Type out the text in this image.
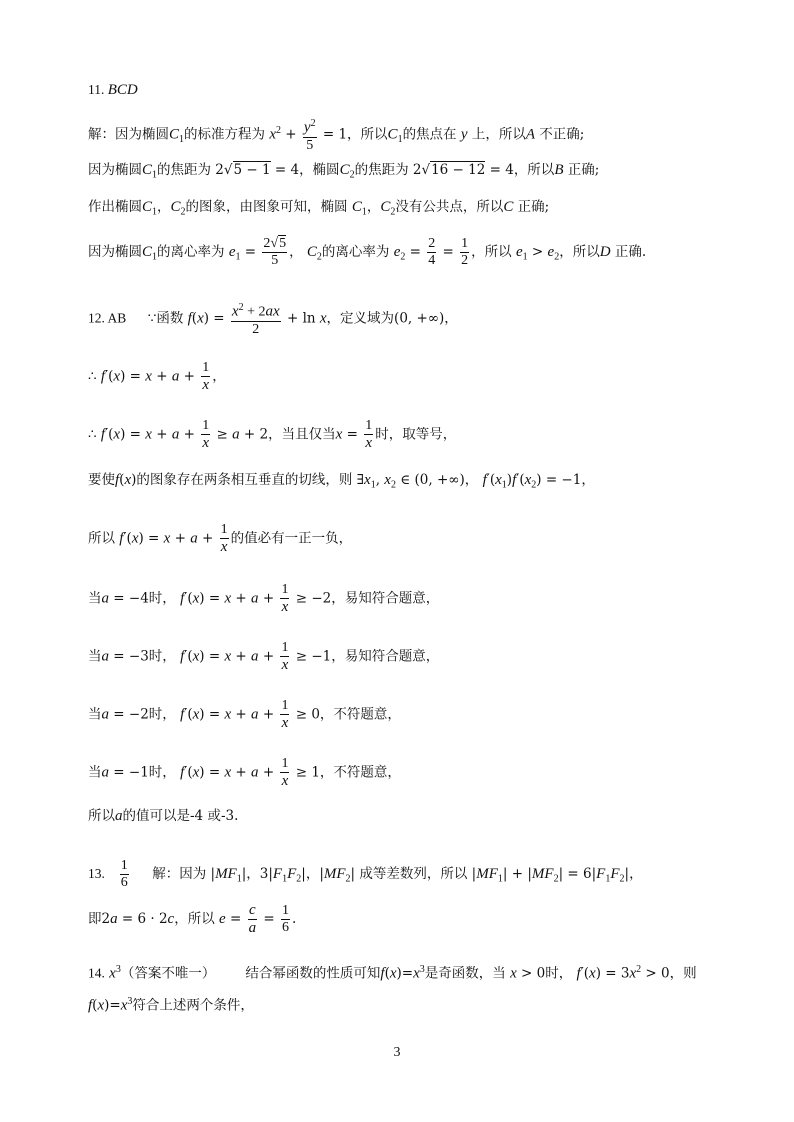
11. BCD
解：因为椭圆$C_1$的标准方程为 $x^2 + \frac{y^2}{5} = 1$，所以$C_1$的焦点在 y 上，所以A 不正确;
因为椭圆$C_1$的焦距为 2√5 − 1 = 4，椭圆$C_2$的焦距为 2√16 − 12 = 4，所以B 正确;
作出椭圆$C_1$，$C_2$的图象，由图象可知，椭圆 $C_1$，$C_2$没有公共点，所以C 正确;
因为椭圆$C_1$的离心率为 $e_1 = \frac{2√5}{5}$ ， $C_2$的离心率为 $e_2 = \frac{2}{4} = \frac{1}{2}$ ，所以 $e_1 > e_2$，所以D 正确.
12. AB ∵函数 $f(x) = \frac{x^2 + 2ax}{2} + \ln x$，定义域为(0, +∞)，
∴ $f'(x) = x + a + \frac{1}{x}$ ，
∴ $f'(x) = x + a + \frac{1}{x} \ge a + 2$，当且仅当$x = \frac{1}{x}$ 时，取等号，
要使f(x)的图象存在两条相互垂直的切线，则 $\exists x_1$, $x_2$ ∈ (0, +∞)， $f'(x_1)f'(x_2) = -1$，
所以 $f'(x) = x + a + \frac{1}{x}$ 的值必有一正一负，
当a = −4时， $f'(x) = x + a + \frac{1}{x} \ge -2$，易知符合题意，
当a = −3时， $f'(x) = x + a + \frac{1}{x} \ge -1$，易知符合题意，
当a = −2时， $f'(x) = x + a + \frac{1}{x} \ge 0$，不符题意，
当a = −1时， $f'(x) = x + a + \frac{1}{x} \ge 1$，不符题意，
所以a的值可以是-4 或-3.
13. $\frac{1}{6}$ 解：因为 $|MF_1|$，$3|F_1F_2|$，$|MF_2|$ 成等差数列，所以 $|MF_1| + |MF_2| = 6|F_1F_2|$，
即2a = 6 · 2c，所以 $e = \frac{c}{a} = \frac{1}{6}$ .
14. $x^3$（答案不唯一） 结合幂函数的性质可知$f(x)=x^3$是奇函数，当 x > 0时， $f'(x) = 3x^2 > 0$，则
$f(x)=x^3$符合上述两个条件，
3
